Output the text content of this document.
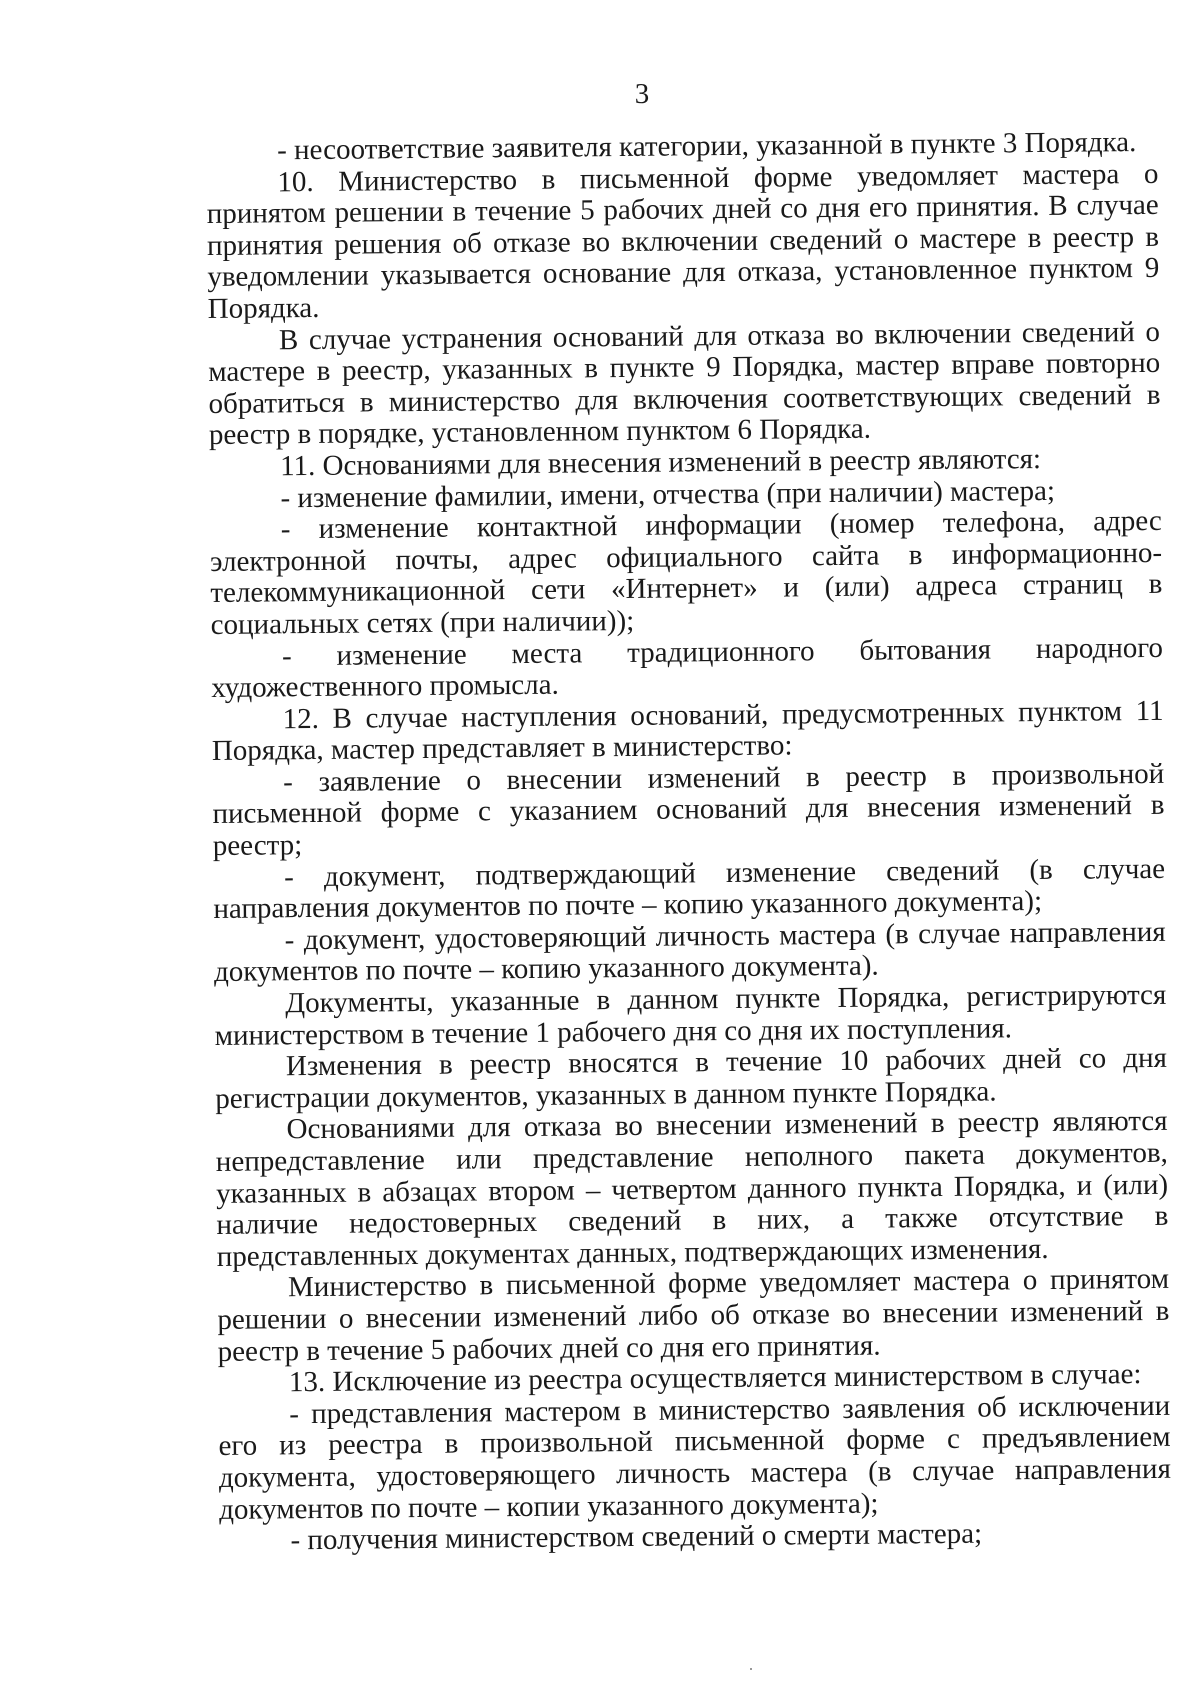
3

- несоответствие заявителя категории, указанной в пункте 3 Порядка.

10. Министерство в письменной форме уведомляет мастера о принятом решении в течение 5 рабочих дней со дня его принятия. В случае принятия решения об отказе во включении сведений о мастере в реестр в уведомлении указывается основание для отказа, установленное пунктом 9 Порядка.

В случае устранения оснований для отказа во включении сведений о мастере в реестр, указанных в пункте 9 Порядка, мастер вправе повторно обратиться в министерство для включения соответствующих сведений в реестр в порядке, установленном пунктом 6 Порядка.

11. Основаниями для внесения изменений в реестр являются:

- изменение фамилии, имени, отчества (при наличии) мастера;

- изменение контактной информации (номер телефона, адрес электронной почты, адрес официального сайта в информационно-телекоммуникационной сети «Интернет» и (или) адреса страниц в социальных сетях (при наличии));

- изменение места традиционного бытования народного художественного промысла.

12. В случае наступления оснований, предусмотренных пунктом 11 Порядка, мастер представляет в министерство:

- заявление о внесении изменений в реестр в произвольной письменной форме с указанием оснований для внесения изменений в реестр;

- документ, подтверждающий изменение сведений (в случае направления документов по почте – копию указанного документа);

- документ, удостоверяющий личность мастера (в случае направления документов по почте – копию указанного документа).

Документы, указанные в данном пункте Порядка, регистрируются министерством в течение 1 рабочего дня со дня их поступления.

Изменения в реестр вносятся в течение 10 рабочих дней со дня регистрации документов, указанных в данном пункте Порядка.

Основаниями для отказа во внесении изменений в реестр являются непредставление или представление неполного пакета документов, указанных в абзацах втором – четвертом данного пункта Порядка, и (или) наличие недостоверных сведений в них, а также отсутствие в представленных документах данных, подтверждающих изменения.

Министерство в письменной форме уведомляет мастера о принятом решении о внесении изменений либо об отказе во внесении изменений в реестр в течение 5 рабочих дней со дня его принятия.

13. Исключение из реестра осуществляется министерством в случае:

- представления мастером в министерство заявления об исключении его из реестра в произвольной письменной форме с предъявлением документа, удостоверяющего личность мастера (в случае направления документов по почте – копии указанного документа);

- получения министерством сведений о смерти мастера;
